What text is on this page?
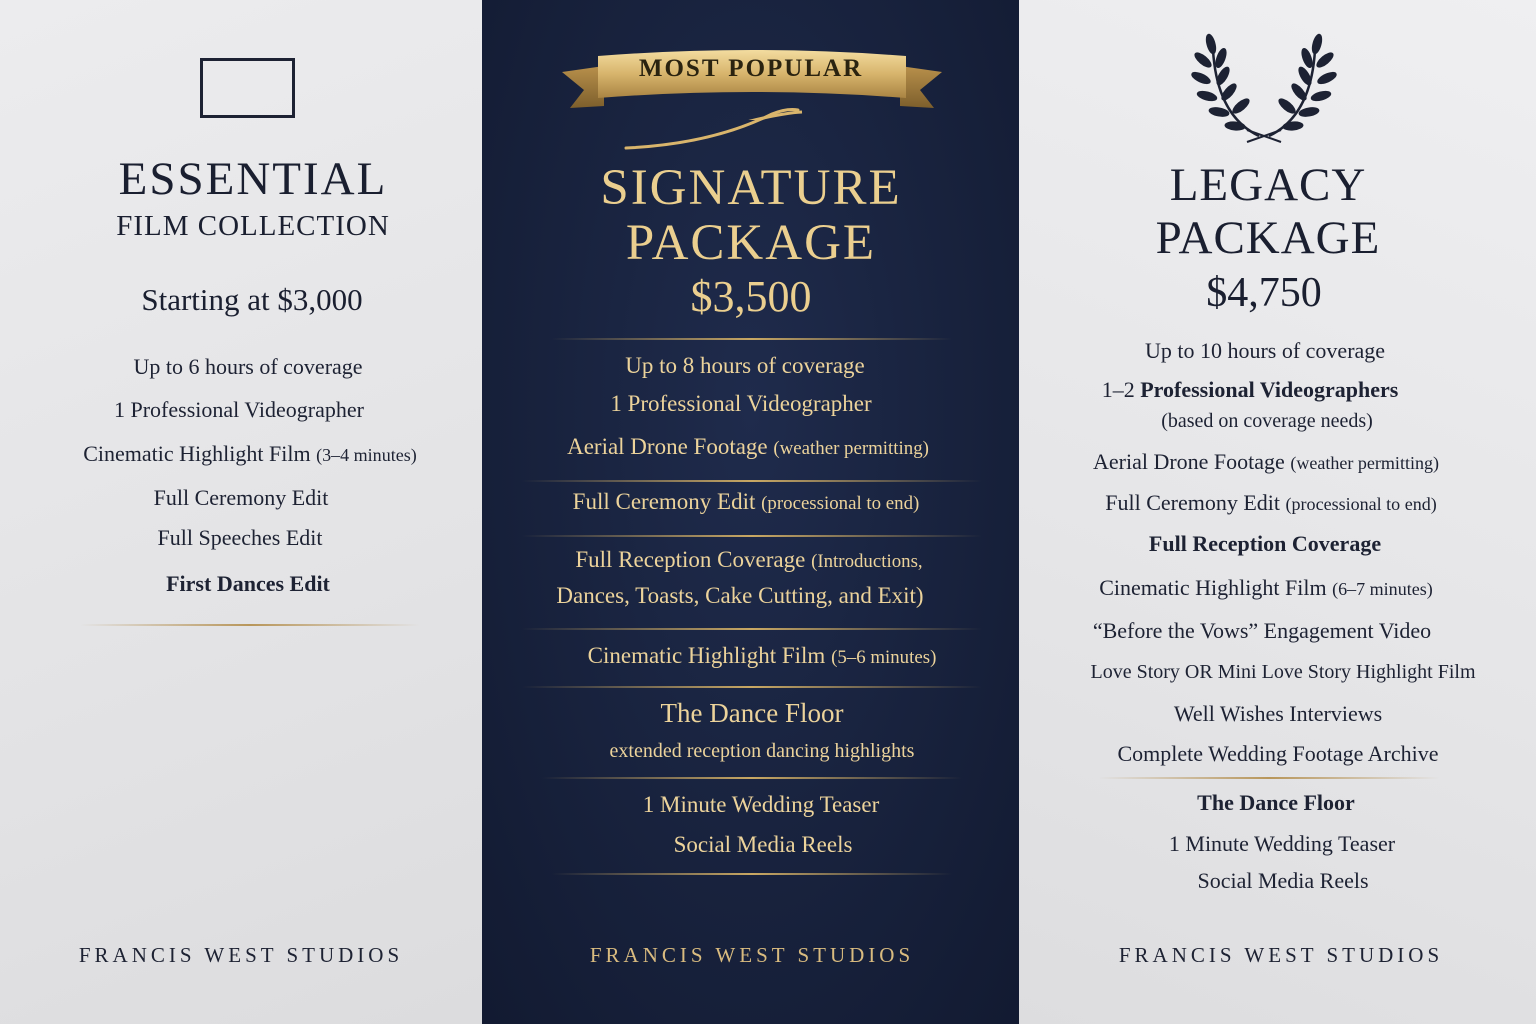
ESSENTIAL
FILM COLLECTION
Starting at $3,000
Up to 6 hours of coverage
1 Professional Videographer
Cinematic Highlight Film (3–4 minutes)
Full Ceremony Edit
Full Speeches Edit
First Dances Edit
FRANCIS WEST STUDIOS
MOST POPULAR
SIGNATURE
PACKAGE
$3,500
Up to 8 hours of coverage
1 Professional Videographer
Aerial Drone Footage (weather permitting)
Full Ceremony Edit (processional to end)
Full Reception Coverage (Introductions,
Dances, Toasts, Cake Cutting, and Exit)
Cinematic Highlight Film (5–6 minutes)
The Dance Floor
extended reception dancing highlights
1 Minute Wedding Teaser
Social Media Reels
FRANCIS WEST STUDIOS
LEGACY
PACKAGE
$4,750
Up to 10 hours of coverage
1–2 Professional Videographers
(based on coverage needs)
Aerial Drone Footage (weather permitting)
Full Ceremony Edit (processional to end)
Full Reception Coverage
Cinematic Highlight Film (6–7 minutes)
“Before the Vows” Engagement Video
Love Story OR Mini Love Story Highlight Film
Well Wishes Interviews
Complete Wedding Footage Archive
The Dance Floor
1 Minute Wedding Teaser
Social Media Reels
FRANCIS WEST STUDIOS
